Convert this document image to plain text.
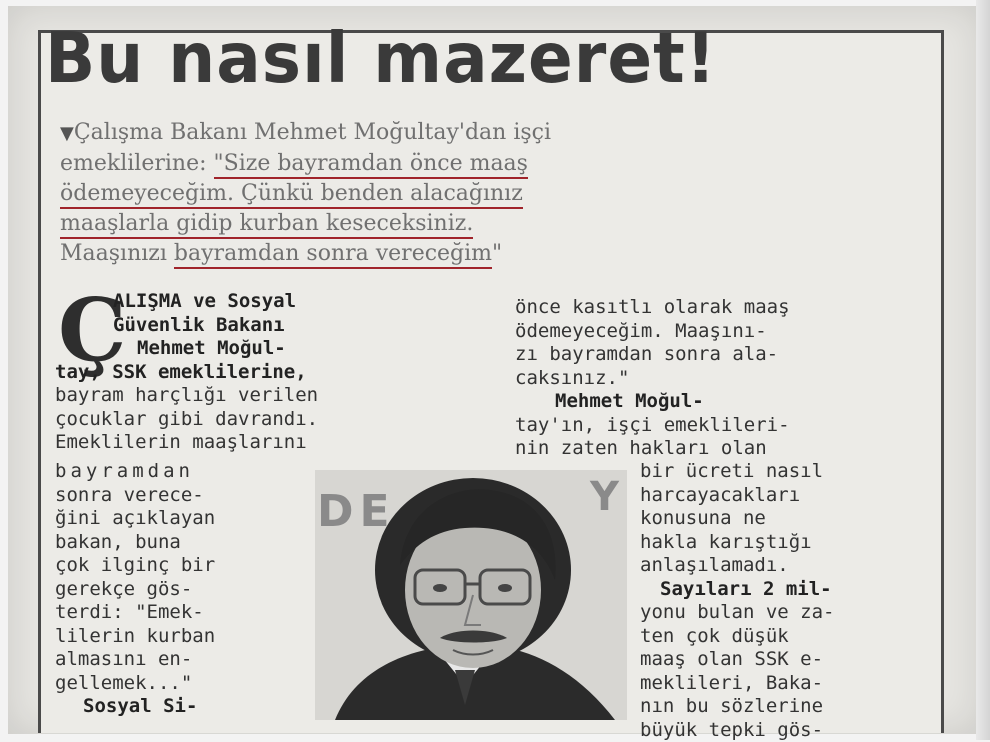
Bu nasıl mazeret!
▼Çalışma Bakanı Mehmet Moğultay'dan işçi
emeklilerine: "Size bayramdan önce maaş
ödemeyeceğim. Çünkü benden alacağınız
maaşlarla gidip kurban keseceksiniz.
Maaşınızı bayramdan sonra vereceğim"
Ç
ALIŞMA ve Sosyal
Güvenlik Bakanı
Mehmet Moğul-
tay, SSK emeklilerine,
bayram harçlığı verilen
çocuklar gibi davrandı.
Emeklilerin maaşlarını
bayramdan
sonra verece-
ğini açıklayan
bakan, buna
çok ilginç bir
gerekçe gös-
terdi: "Emek-
lilerin kurban
almasını en-
gellemek..."
Sosyal Si-
önce kasıtlı olarak maaş
ödemeyeceğim. Maaşını-
zı bayramdan sonra ala-
caksınız."
Mehmet Moğul-
tay'ın, işçi emeklileri-
nin zaten hakları olan
bir ücreti nasıl
harcayacakları
konusuna ne
hakla karıştığı
anlaşılamadı.
Sayıları 2 mil-
yonu bulan ve za-
ten çok düşük
maaş olan SSK e-
meklileri, Baka-
nın bu sözlerine
büyük tepki gös-
DE	Y
